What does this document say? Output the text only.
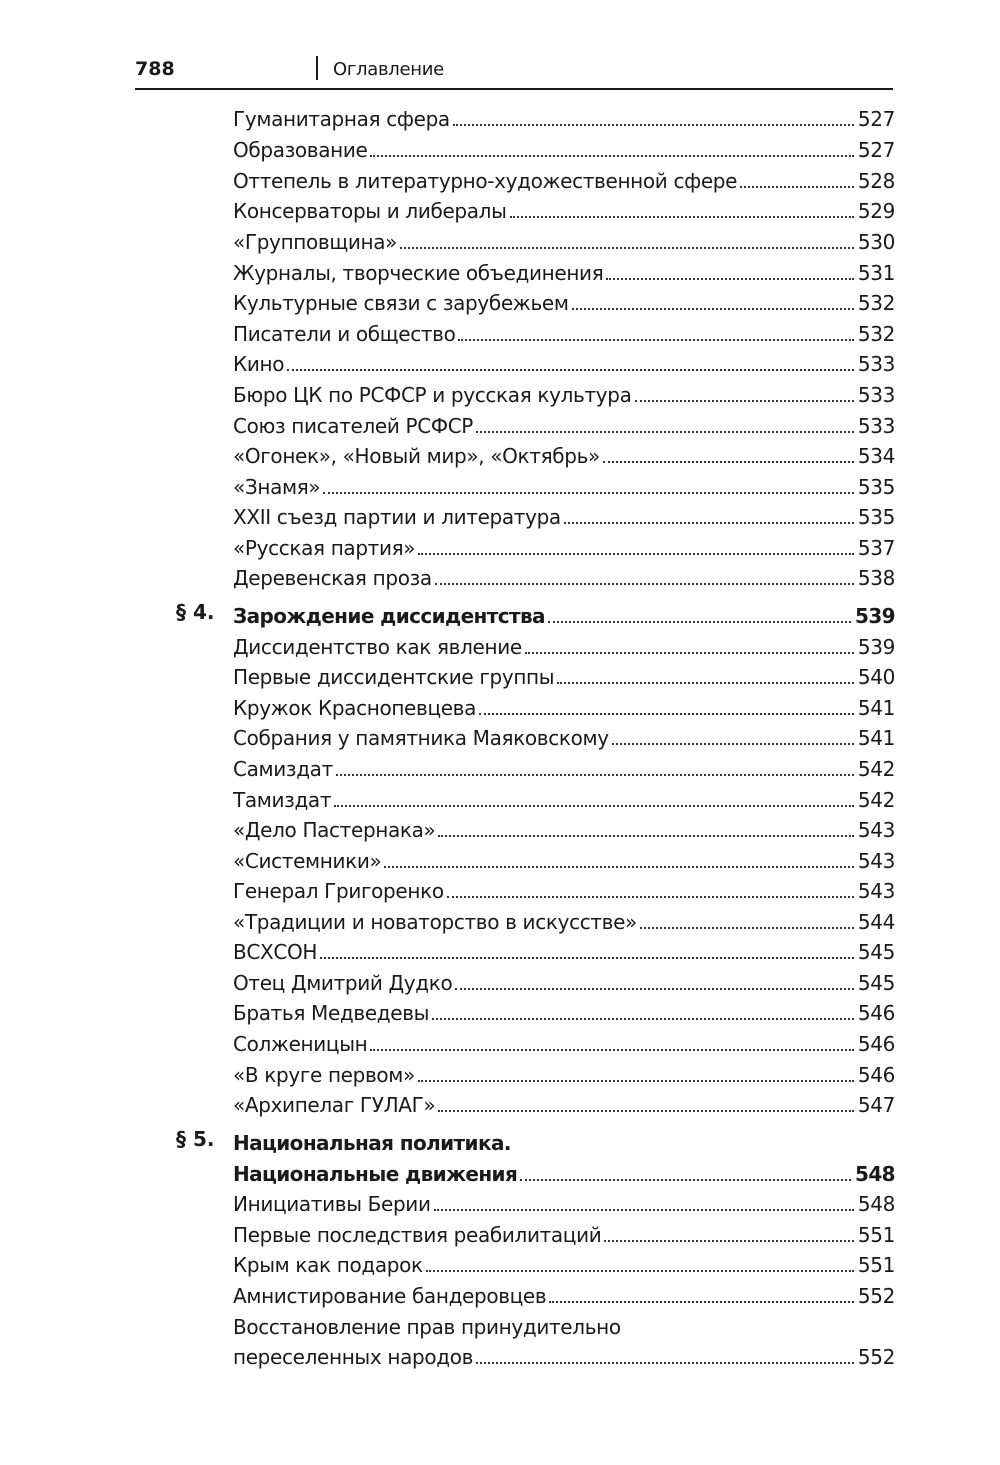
788	Оглавление
Гуманитарная сфера	527
Образование	527
Оттепель в литературно-художественной сфере	528
Консерваторы и либералы	529
«Групповщина»	530
Журналы, творческие объединения	531
Культурные связи с зарубежьем	532
Писатели и общество	532
Кино	533
Бюро ЦК по РСФСР и русская культура	533
Союз писателей РСФСР	533
«Огонек», «Новый мир», «Октябрь»	534
«Знамя»	535
XXII съезд партии и литература	535
«Русская партия»	537
Деревенская проза	538
§ 4. Зарождение диссидентства	539
Диссидентство как явление	539
Первые диссидентские группы	540
Кружок Краснопевцева	541
Собрания у памятника Маяковскому	541
Самиздат	542
Тамиздат	542
«Дело Пастернака»	543
«Системники»	543
Генерал Григоренко	543
«Традиции и новаторство в искусстве»	544
ВСХСОН	545
Отец Дмитрий Дудко	545
Братья Медведевы	546
Солженицын	546
«В круге первом»	546
«Архипелаг ГУЛАГ»	547
§ 5. Национальная политика.
Национальные движения	548
Инициативы Берии	548
Первые последствия реабилитаций	551
Крым как подарок	551
Амнистирование бандеровцев	552
Восстановление прав принудительно
переселенных народов	552
